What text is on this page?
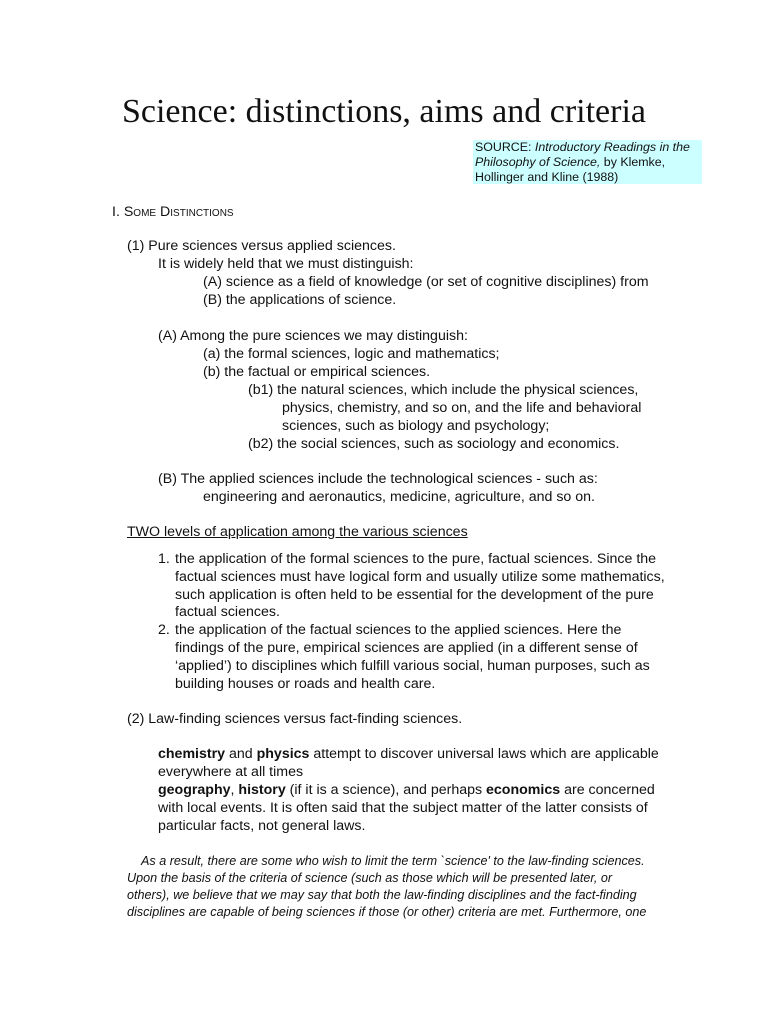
Science: distinctions, aims and criteria
SOURCE: Introductory Readings in the Philosophy of Science, by Klemke, Hollinger and Kline (1988)
I. Some Distinctions
(1) Pure sciences versus applied sciences.
It is widely held that we must distinguish:
(A) science as a field of knowledge (or set of cognitive disciplines) from
(B) the applications of science.
(A) Among the pure sciences we may distinguish:
(a) the formal sciences, logic and mathematics;
(b) the factual or empirical sciences.
(b1) the natural sciences, which include the physical sciences,
physics, chemistry, and so on, and the life and behavioral
sciences, such as biology and psychology;
(b2) the social sciences, such as sociology and economics.
(B) The applied sciences include the technological sciences - such as:
engineering and aeronautics, medicine, agriculture, and so on.
TWO levels of application among the various sciences
1. the application of the formal sciences to the pure, factual sciences. Since the
factual sciences must have logical form and usually utilize some mathematics,
such application is often held to be essential for the development of the pure
factual sciences.
2. the application of the factual sciences to the applied sciences. Here the
findings of the pure, empirical sciences are applied (in a different sense of
‘applied’) to disciplines which fulfill various social, human purposes, such as
building houses or roads and health care.
(2) Law-finding sciences versus fact-finding sciences.
chemistry and physics attempt to discover universal laws which are applicable
everywhere at all times
geography, history (if it is a science), and perhaps economics are concerned
with local events. It is often said that the subject matter of the latter consists of
particular facts, not general laws.
As a result, there are some who wish to limit the term `science' to the law-finding sciences.
Upon the basis of the criteria of science (such as those which will be presented later, or
others), we believe that we may say that both the law-finding disciplines and the fact-finding
disciplines are capable of being sciences if those (or other) criteria are met. Furthermore, one
